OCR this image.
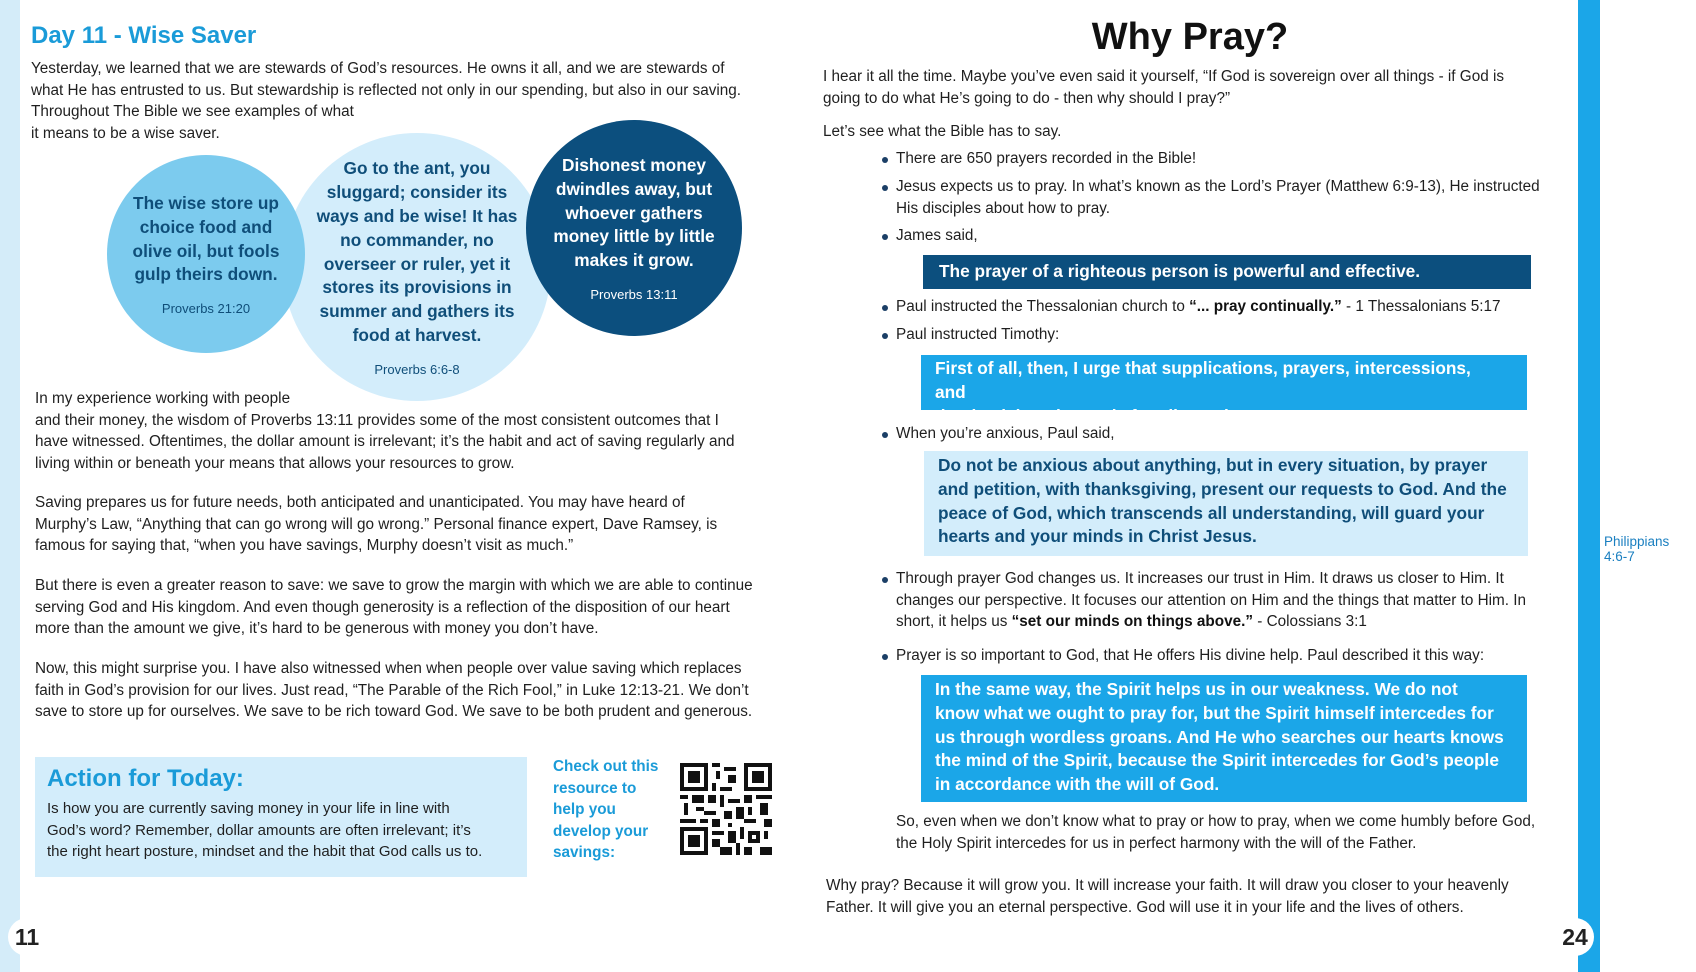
Day 11 - Wise Saver
Yesterday, we learned that we are stewards of God’s resources. He owns it all, and we are stewards of
what He has entrusted to us. But stewardship is reflected not only in our spending, but also in our saving.
Throughout The Bible we see examples of what
it means to be a wise saver.
Go to the ant, you sluggard; consider its ways and be wise! It has no commander, no overseer or ruler, yet it stores its provisions in summer and gathers its food at harvest.
Proverbs 6:6-8
The wise store up choice food and olive oil, but fools gulp theirs down.
Proverbs 21:20
Dishonest money dwindles away, but whoever gathers money little by little makes it grow.
Proverbs 13:11
In my experience working with people
and their money, the wisdom of Proverbs 13:11 provides some of the most consistent outcomes that I
have witnessed. Oftentimes, the dollar amount is irrelevant; it’s the habit and act of saving regularly and
living within or beneath your means that allows your resources to grow.
Saving prepares us for future needs, both anticipated and unanticipated. You may have heard of
Murphy’s Law, “Anything that can go wrong will go wrong.” Personal finance expert, Dave Ramsey, is
famous for saying that, “when you have savings, Murphy doesn’t visit as much.”
But there is even a greater reason to save: we save to grow the margin with which we are able to continue
serving God and His kingdom. And even though generosity is a reflection of the disposition of our heart
more than the amount we give, it’s hard to be generous with money you don’t have.
Now, this might surprise you. I have also witnessed when when people over value saving which replaces
faith in God’s provision for our lives. Just read, “The Parable of the Rich Fool,” in Luke 12:13-21. We don’t
save to store up for ourselves. We save to be rich toward God. We save to be both prudent and generous.
Action for Today:
Is how you are currently saving money in your life in line with
God’s word? Remember, dollar amounts are often irrelevant; it’s
the right heart posture, mindset and the habit that God calls us to.
Check out this
resource to
help you
develop your
savings:
11
Why Pray?
I hear it all the time. Maybe you’ve even said it yourself, “If God is sovereign over all things - if God is
going to do what He’s going to do - then why should I pray?”
Let’s see what the Bible has to say.
There are 650 prayers recorded in the Bible!
Jesus expects us to pray. In what’s known as the Lord’s Prayer (Matthew 6:9-13), He instructed
His disciples about how to pray.
James said,
The prayer of a righteous person is powerful and effective.	James 5:16
Paul instructed the Thessalonian church to “... pray continually.” - 1 Thessalonians 5:17
Paul instructed Timothy:
First of all, then, I urge that supplications, prayers, intercessions, and
thanksgivings be made for all people.
1 Timothy 2:1
When you’re anxious, Paul said,
Do not be anxious about anything, but in every situation, by prayer
and petition, with thanksgiving, present our requests to God. And the
peace of God, which transcends all understanding, will guard your
hearts and your minds in Christ Jesus.	Philippians 4:6-7
Through prayer God changes us. It increases our trust in Him. It draws us closer to Him. It
changes our perspective. It focuses our attention on Him and the things that matter to Him. In
short, it helps us “set our minds on things above.” - Colossians 3:1
Prayer is so important to God, that He offers His divine help. Paul described it this way:
In the same way, the Spirit helps us in our weakness. We do not
know what we ought to pray for, but the Spirit himself intercedes for
us through wordless groans. And He who searches our hearts knows
the mind of the Spirit, because the Spirit intercedes for God’s people
in accordance with the will of God.	Romans 8:26-28
So, even when we don’t know what to pray or how to pray, when we come humbly before God,
the Holy Spirit intercedes for us in perfect harmony with the will of the Father.
Why pray? Because it will grow you. It will increase your faith. It will draw you closer to your heavenly
Father. It will give you an eternal perspective. God will use it in your life and the lives of others.
24
